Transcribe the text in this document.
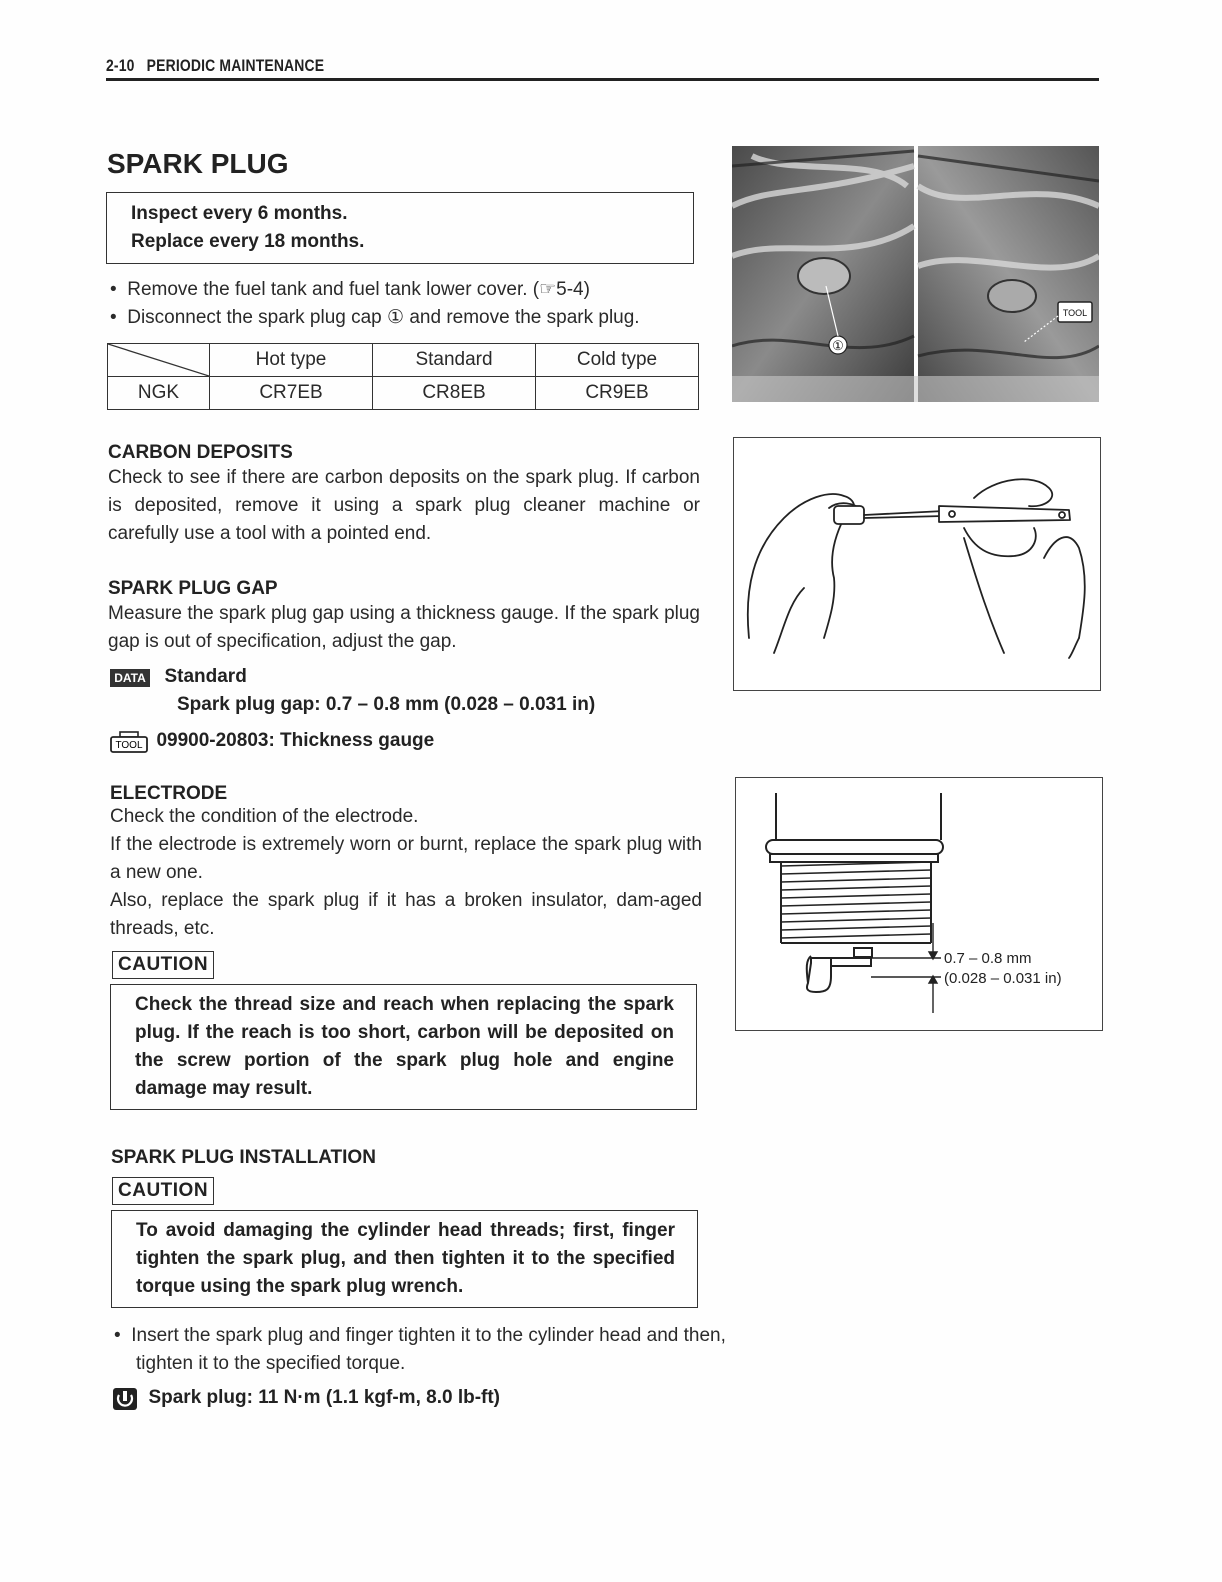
2-10 PERIODIC MAINTENANCE
SPARK PLUG
Inspect every 6 months.
Replace every 18 months.
•  Remove the fuel tank and fuel tank lower cover. (☞5-4)
•  Disconnect the spark plug cap ① and remove the spark plug.
	Hot type	Standard	Cold type
NGK	CR7EB	CR8EB	CR9EB
CARBON DEPOSITS
Check to see if there are carbon deposits on the spark plug. If carbon is deposited, remove it using a spark plug cleaner machine or carefully use a tool with a pointed end.
SPARK PLUG GAP
Measure the spark plug gap using a thickness gauge. If the spark plug gap is out of specification, adjust the gap.
DATA Standard
Spark plug gap: 0.7 – 0.8 mm (0.028 – 0.031 in)
TOOL 09900-20803: Thickness gauge
ELECTRODE
Check the condition of the electrode.
If the electrode is extremely worn or burnt, replace the spark plug with a new one.
Also, replace the spark plug if it has a broken insulator, dam-aged threads, etc.
CAUTION
Check the thread size and reach when replacing the spark plug. If the reach is too short, carbon will be deposited on the screw portion of the spark plug hole and engine damage may result.
SPARK PLUG INSTALLATION
CAUTION
To avoid damaging the cylinder head threads; first, finger tighten the spark plug, and then tighten it to the specified torque using the spark plug wrench.
•  Insert the spark plug and finger tighten it to the cylinder head and then, tighten it to the specified torque.
Spark plug: 11 N·m (1.1 kgf-m, 8.0 lb-ft)
①
TOOL
0.7 – 0.8 mm
(0.028 – 0.031 in)
